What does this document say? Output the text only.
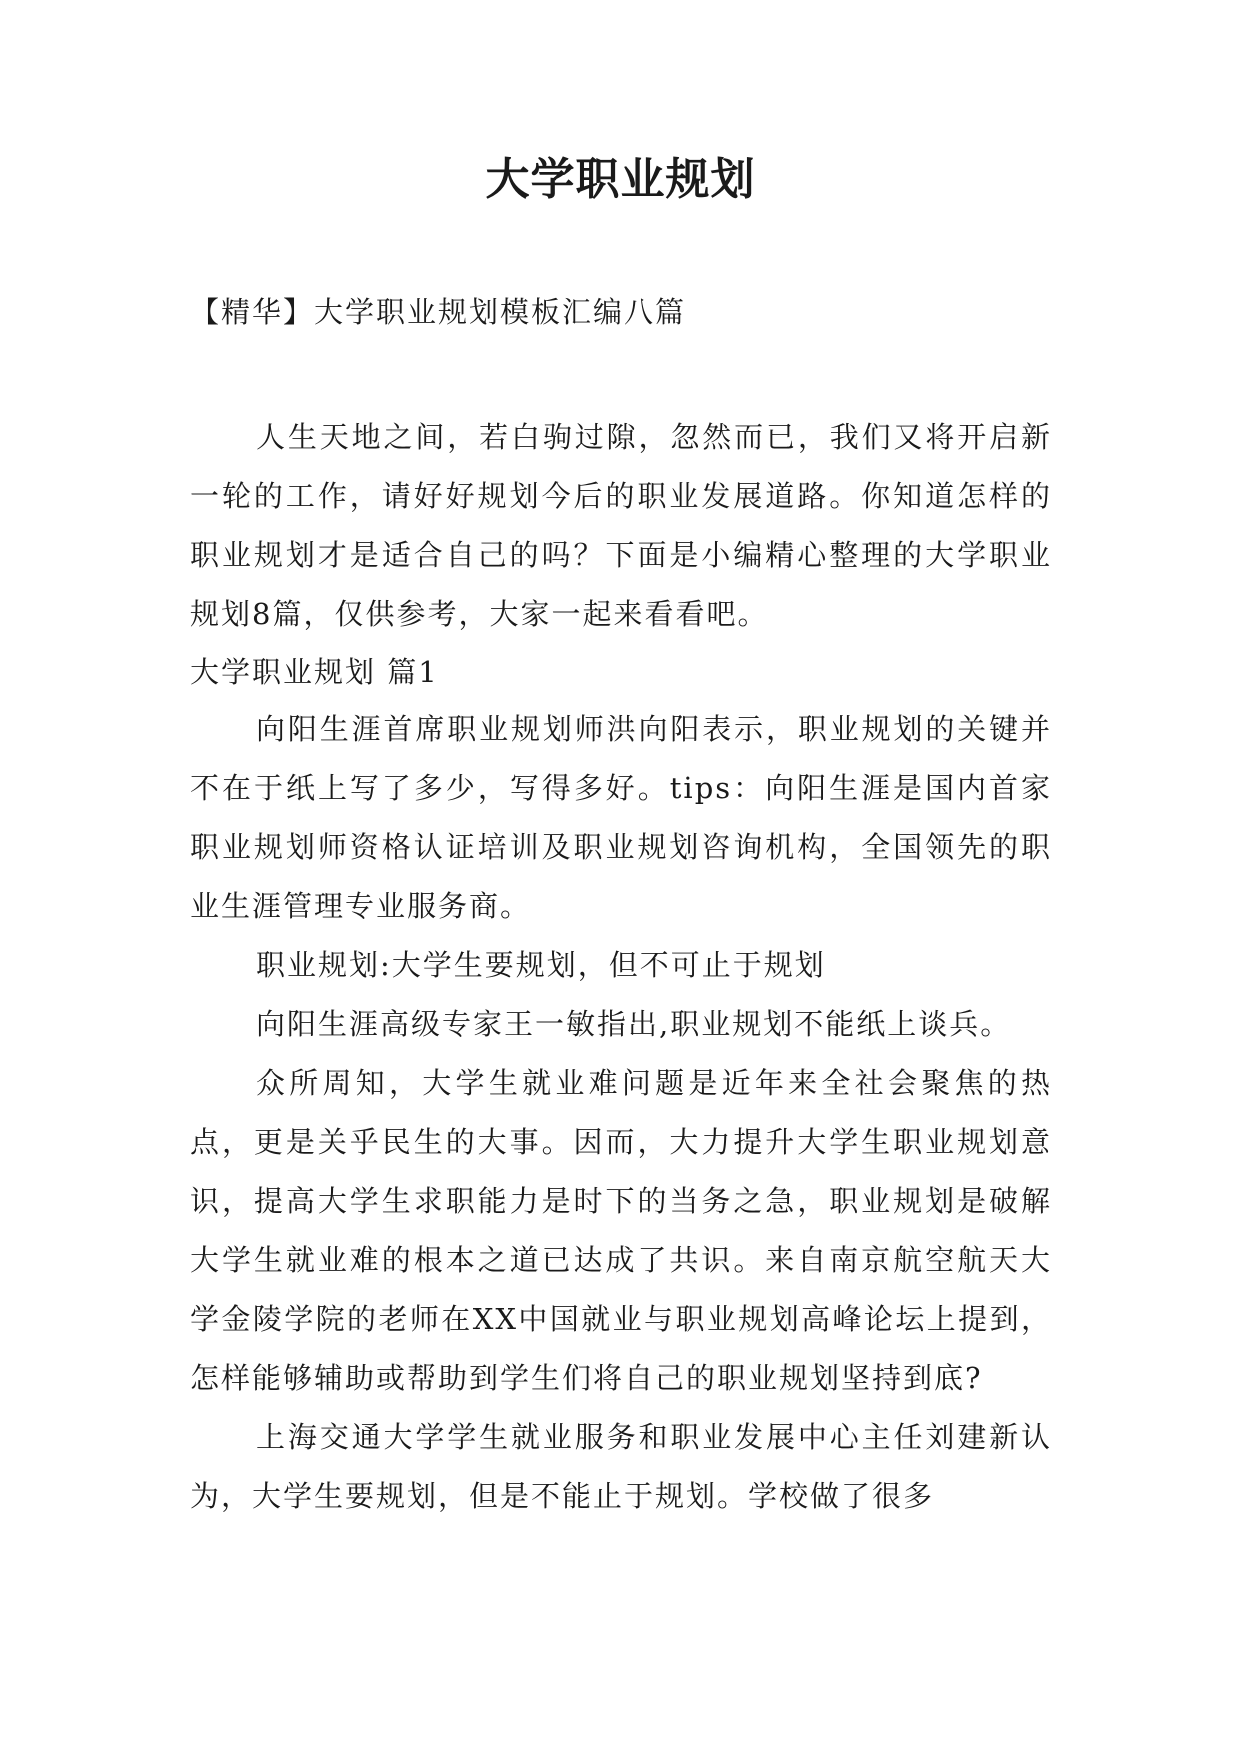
大学职业规划
【精华】大学职业规划模板汇编八篇

人生天地之间，若白驹过隙，忽然而已，我们又将开启新一轮的工作，请好好规划今后的职业发展道路。你知道怎样的职业规划才是适合自己的吗？下面是小编精心整理的大学职业规划8篇，仅供参考，大家一起来看看吧。

大学职业规划 篇1

向阳生涯首席职业规划师洪向阳表示，职业规划的关键并不在于纸上写了多少，写得多好。tips：向阳生涯是国内首家职业规划师资格认证培训及职业规划咨询机构，全国领先的职业生涯管理专业服务商。

职业规划:大学生要规划，但不可止于规划

向阳生涯高级专家王一敏指出,职业规划不能纸上谈兵。

众所周知，大学生就业难问题是近年来全社会聚焦的热点，更是关乎民生的大事。因而，大力提升大学生职业规划意识，提高大学生求职能力是时下的当务之急，职业规划是破解大学生就业难的根本之道已达成了共识。来自南京航空航天大学金陵学院的老师在XX中国就业与职业规划高峰论坛上提到，怎样能够辅助或帮助到学生们将自己的职业规划坚持到底?

上海交通大学学生就业服务和职业发展中心主任刘建新认为，大学生要规划，但是不能止于规划。学校做了很多
